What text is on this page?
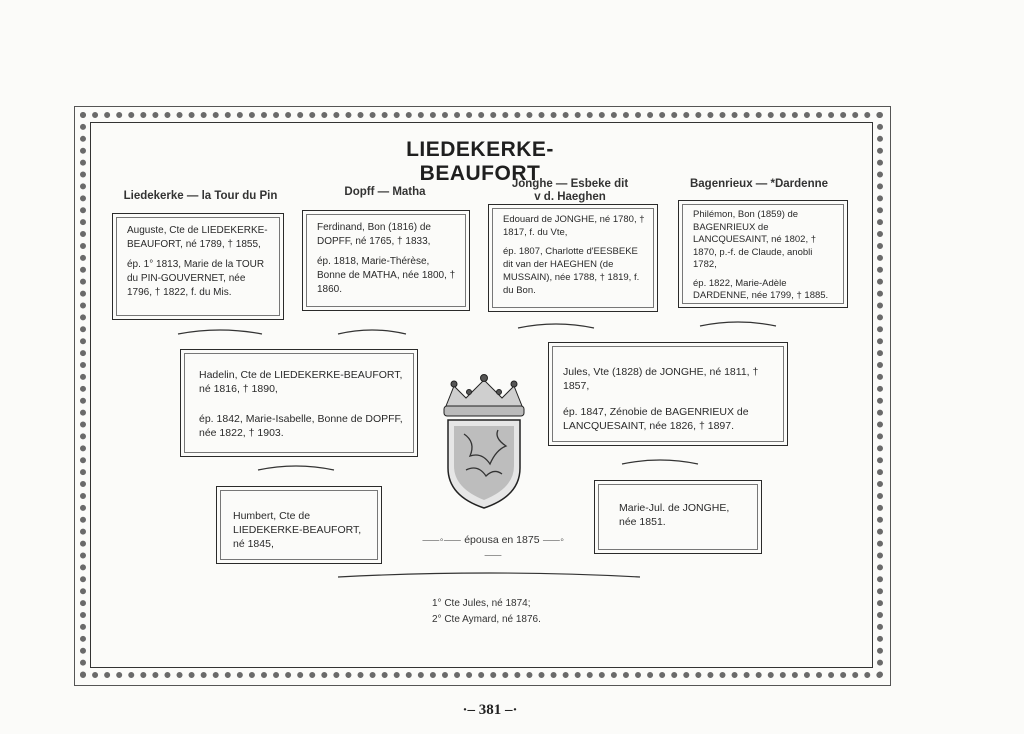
LIEDEKERKE-BEAUFORT
Liedekerke — la Tour du Pin	Dopff — Matha
Jonghe — Esbeke dit
v d. Haeghen
Bagenrieux — *Dardenne

Auguste, Cte de LIEDEKERKE-BEAUFORT, né 1789, † 1855,

ép. 1° 1813, Marie de la TOUR du PIN-GOUVERNET, née 1796, † 1822, f. du Mis.

Ferdinand, Bon (1816) de DOPFF, né 1765, † 1833,

ép. 1818, Marie-Thérèse, Bonne de MATHA, née 1800, † 1860.

Edouard de JONGHE, né 1780, † 1817, f. du Vte,

ép. 1807, Charlotte d'EESBEKE dit van der HAEGHEN (de MUSSAIN), née 1788, † 1819, f. du Bon.

Philémon, Bon (1859) de BAGENRIEUX de LANCQUESAINT, né 1802, † 1870, p.-f. de Claude, anobli 1782,

ép. 1822, Marie-Adèle DARDENNE, née 1799, † 1885.

Hadelin, Cte de LIEDEKERKE-BEAUFORT, né 1816, † 1890,

ép. 1842, Marie-Isabelle, Bonne de DOPFF, née 1822, † 1903.

Jules, Vte (1828) de JONGHE, né 1811, † 1857,

ép. 1847, Zénobie de BAGENRIEUX de LANCQUESAINT, née 1826, † 1897.

Humbert, Cte de LIEDEKERKE-BEAUFORT, né 1845,

Marie-Jul. de JONGHE, née 1851.

⸺◦⸺ épousa en 1875 ⸺◦⸺
1° Cte Jules, né 1874;
2° Cte Aymard, né 1876.
·– 381 –·
